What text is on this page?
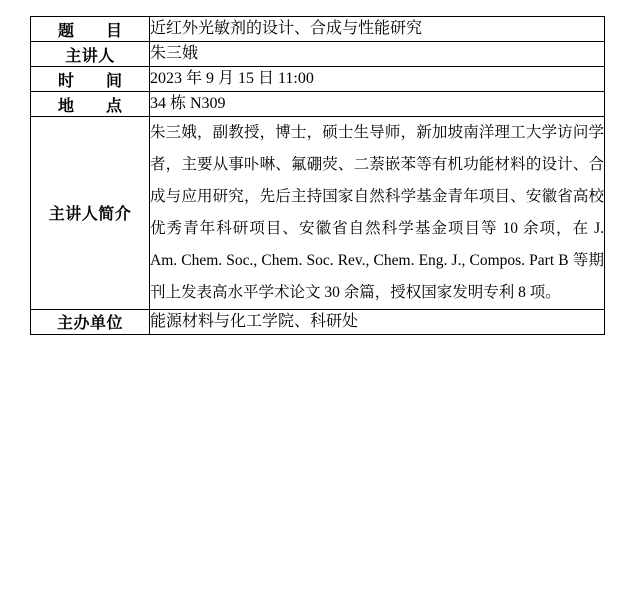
题 目	近红外光敏剂的设计、合成与性能研究
主讲人	朱三娥
时 间	2023 年 9 月 15 日 11:00
地 点	34 栋 N309
主讲人简介	朱三娥，副教授，博士，硕士生导师，新加坡南洋理工大学访问学者，主要从事卟啉、氟硼荧、二萘嵌苯等有机功能材料的设计、合成与应用研究，先后主持国家自然科学基金青年项目、安徽省高校优秀青年科研项目、安徽省自然科学基金项目等 10 余项，在 J. Am. Chem. Soc., Chem. Soc. Rev., Chem. Eng. J., Compos. Part B 等期刊上发表高水平学术论文 30 余篇，授权国家发明专利 8 项。

主办单位	能源材料与化工学院、科研处
